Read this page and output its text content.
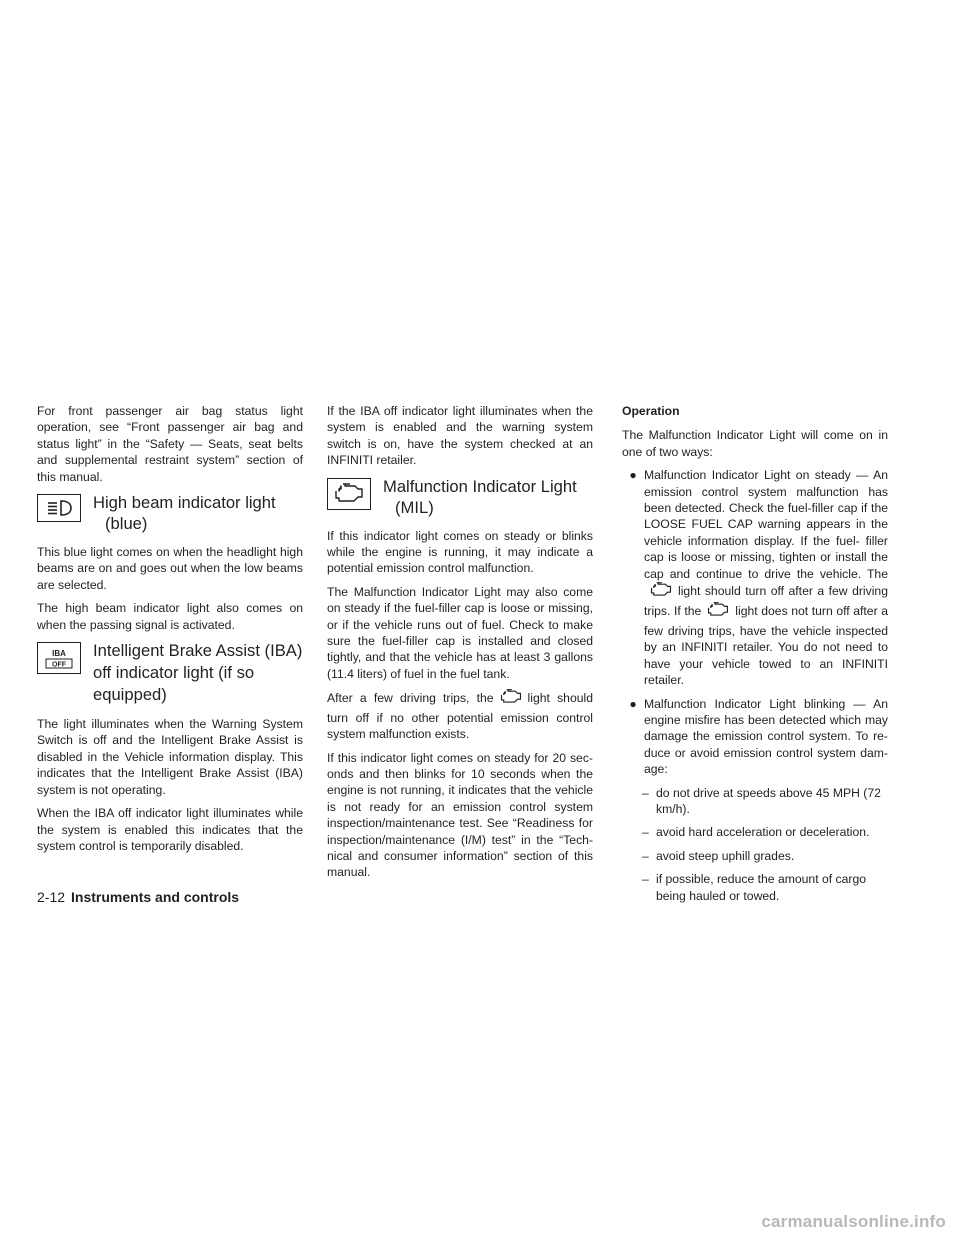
For front passenger air bag status light operation, see “Front passenger air bag and status light” in the “Safety — Seats, seat belts and supplemental restraint system” section of this manual.

High beam indicator light
(blue)

This blue light comes on when the headlight high beams are on and goes out when the low beams are selected.

The high beam indicator light also comes on when the passing signal is activated.

IBA
OFF
Intelligent Brake Assist (IBA)
off indicator light (if so
equipped)

The light illuminates when the Warning System Switch is off and the Intelligent Brake Assist is disabled in the Vehicle information display. This indicates that the Intelligent Brake Assist (IBA) system is not operating.

When the IBA off indicator light illuminates while the system is enabled this indicates that the system control is temporarily disabled.

If the IBA off indicator light illuminates when the system is enabled and the warning system switch is on, have the system checked at an INFINITI retailer.

Malfunction Indicator Light
(MIL)

If this indicator light comes on steady or blinks while the engine is running, it may indicate a potential emission control malfunction.

The Malfunction Indicator Light may also come on steady if the fuel-filler cap is loose or missing, or if the vehicle runs out of fuel. Check to make sure the fuel-filler cap is installed and closed tightly, and that the vehicle has at least 3 gallons (11.4 liters) of fuel in the fuel tank.

After a few driving trips, the	light should turn off if no other potential emission control system malfunction exists.

If this indicator light comes on steady for 20 sec- onds and then blinks for 10 seconds when the engine is not running, it indicates that the vehicle is not ready for an emission control system inspection/maintenance test. See “Readiness for inspection/maintenance (I/M) test” in the “Tech- nical and consumer information” section of this manual.

Operation

The Malfunction Indicator Light will come on in one of two ways:

● Malfunction Indicator Light on steady — An emission control system malfunction has been detected. Check the fuel-filler cap if the LOOSE FUEL CAP warning appears in the vehicle information display. If the fuel- filler cap is loose or missing, tighten or install the cap and continue to drive the vehicle. Thelight should turn off after a few driving trips. If the	light does not turn off after a few driving trips, have the vehicle inspected by an INFINITI retailer. You do not need to have your vehicle towed to an INFINITI retailer.
● Malfunction Indicator Light blinking — An engine misfire has been detected which may damage the emission control system. To re- duce or avoid emission control system dam- age:
– do not drive at speeds above 45 MPH (72 km/h).
– avoid hard acceleration or deceleration.
– avoid steep uphill grades.
– if possible, reduce the amount of cargo being hauled or towed.
2-12 Instruments and controls
carmanualsonline.info
